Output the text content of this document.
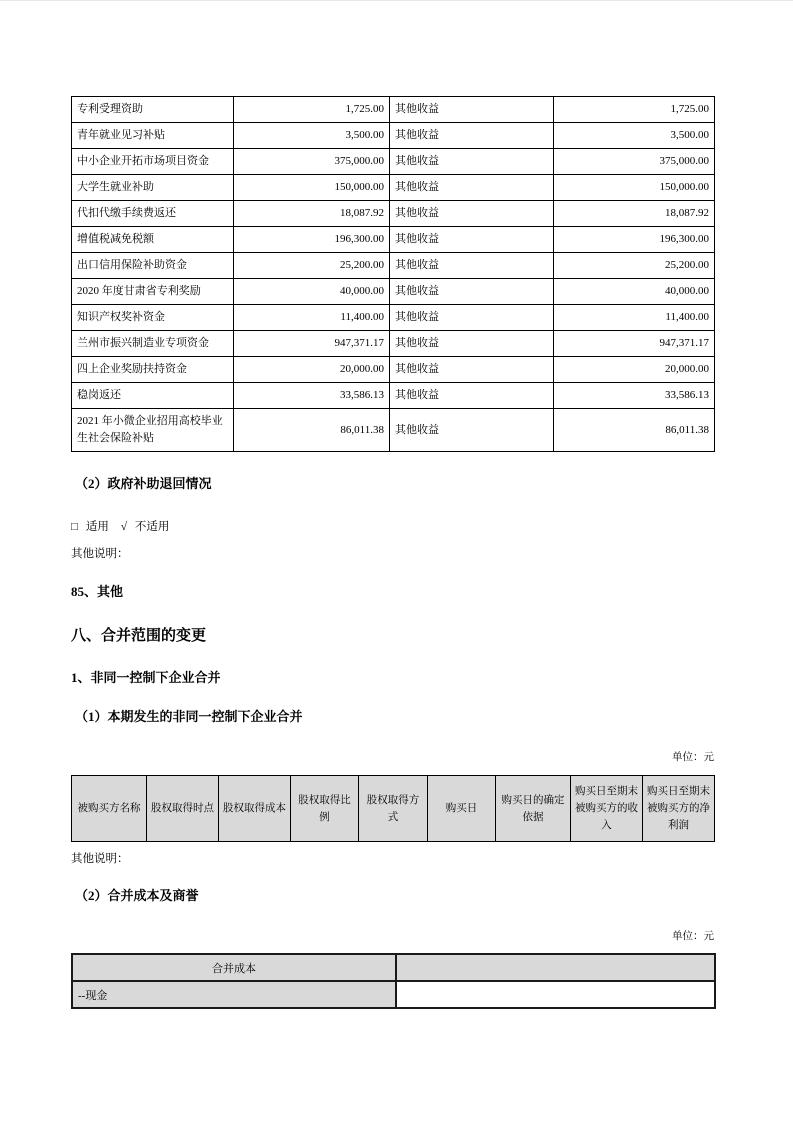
专利受理资助	1,725.00	其他收益	1,725.00
青年就业见习补贴	3,500.00	其他收益	3,500.00
中小企业开拓市场项目资金	375,000.00	其他收益	375,000.00
大学生就业补助	150,000.00	其他收益	150,000.00
代扣代缴手续费返还	18,087.92	其他收益	18,087.92
增值税减免税额	196,300.00	其他收益	196,300.00
出口信用保险补助资金	25,200.00	其他收益	25,200.00
2020 年度甘肃省专利奖励	40,000.00	其他收益	40,000.00
知识产权奖补资金	11,400.00	其他收益	11,400.00
兰州市振兴制造业专项资金	947,371.17	其他收益	947,371.17
四上企业奖励扶持资金	20,000.00	其他收益	20,000.00
稳岗返还	33,586.13	其他收益	33,586.13
2021 年小微企业招用高校毕业生社会保险补贴	86,011.38	其他收益	86,011.38
（2）政府补助退回情况
□ 适用 √ 不适用
其他说明：
85、其他
八、合并范围的变更
1、非同一控制下企业合并
（1）本期发生的非同一控制下企业合并
单位：元
被购买方名称	股权取得时点	股权取得成本	股权取得比例	股权取得方式	购买日	购买日的确定依据	购买日至期末被购买方的收入	购买日至期末被购买方的净利润
其他说明：
（2）合并成本及商誉
单位：元
合并成本	
--现金	
